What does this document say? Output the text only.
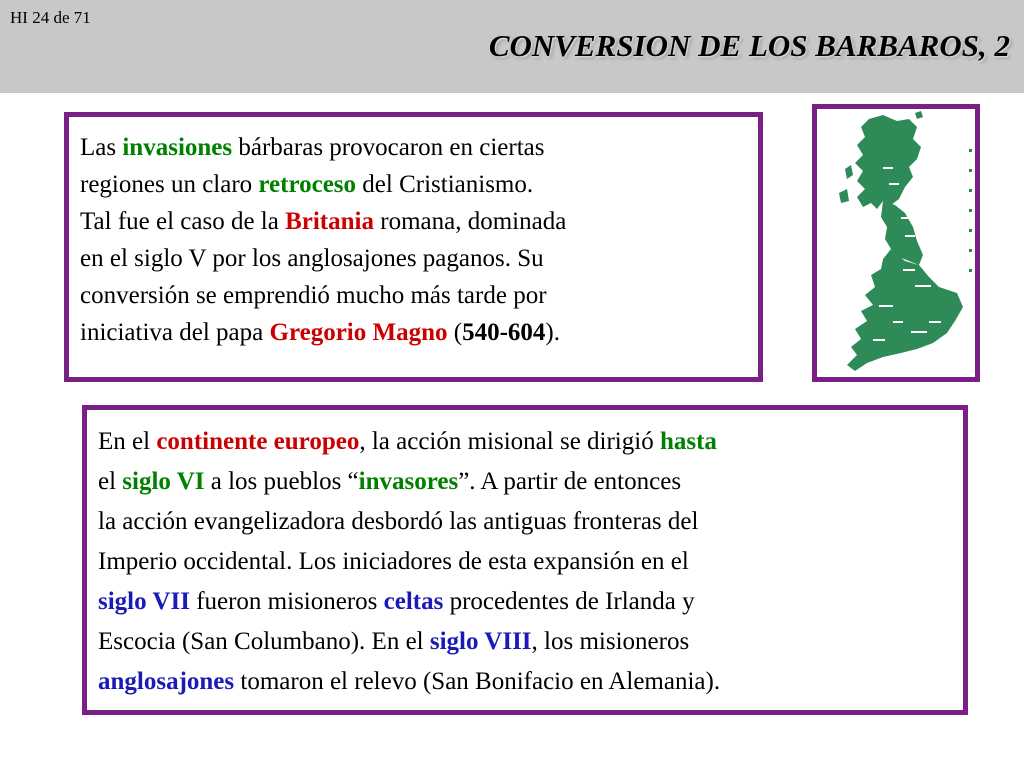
HI 24 de 71
CONVERSION DE LOS BARBAROS, 2
Las invasiones bárbaras provocaron en ciertas
regiones un claro retroceso del Cristianismo.
Tal fue el caso de la Britania romana, dominada
en el siglo V por los anglosajones paganos. Su
conversión se emprendió mucho más tarde por
iniciativa del papa Gregorio Magno (540-604).
En el continente europeo, la acción misional se dirigió hasta
el siglo VI a los pueblos “invasores”. A partir de entonces
la acción evangelizadora desbordó las antiguas fronteras del
Imperio occidental. Los iniciadores de esta expansión en el
siglo VII fueron misioneros celtas procedentes de Irlanda y
Escocia (San Columbano). En el siglo VIII, los misioneros
anglosajones tomaron el relevo (San Bonifacio en Alemania).
